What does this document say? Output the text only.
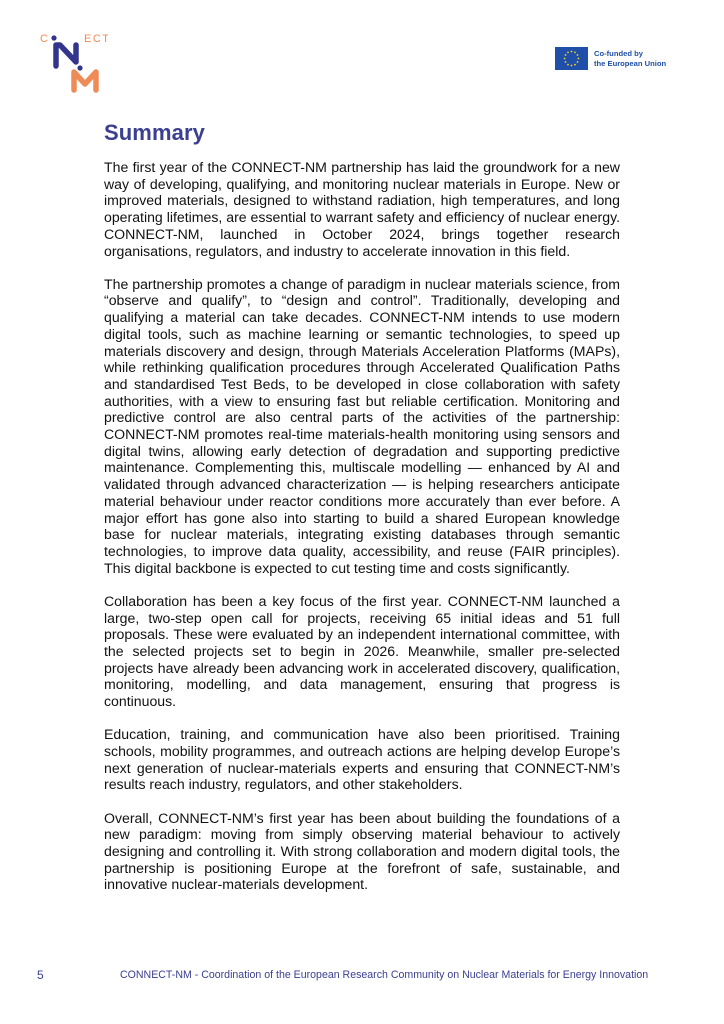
C	ECT
Co-funded by
the European Union
Summary

The first year of the CONNECT-NM partnership has laid the groundwork for a new way of developing, qualifying, and monitoring nuclear materials in Europe. New or improved materials, designed to withstand radiation, high temperatures, and long operating lifetimes, are essential to warrant safety and efficiency of nuclear energy. CONNECT-NM, launched in October 2024, brings together research organisations, regulators, and industry to accelerate innovation in this field.

The partnership promotes a change of paradigm in nuclear materials science, from “observe and qualify”, to “design and control”. Traditionally, developing and qualifying a material can take decades. CONNECT-NM intends to use modern digital tools, such as machine learning or semantic technologies, to speed up materials discovery and design, through Materials Acceleration Platforms (MAPs), while rethinking qualification procedures through Accelerated Qualification Paths and standardised Test Beds, to be developed in close collaboration with safety authorities, with a view to ensuring fast but reliable certification. Monitoring and predictive control are also central parts of the activities of the partnership: CONNECT-NM promotes real-time materials-health monitoring using sensors and digital twins, allowing early detection of degradation and supporting predictive maintenance. Complementing this, multiscale modelling — enhanced by AI and validated through advanced characterization — is helping researchers anticipate material behaviour under reactor conditions more accurately than ever before. A major effort has gone also into starting to build a shared European knowledge base for nuclear materials, integrating existing databases through semantic technologies, to improve data quality, accessibility, and reuse (FAIR principles). This digital backbone is expected to cut testing time and costs significantly.

Collaboration has been a key focus of the first year. CONNECT-NM launched a large, two-step open call for projects, receiving 65 initial ideas and 51 full proposals. These were evaluated by an independent international committee, with the selected projects set to begin in 2026. Meanwhile, smaller pre-selected projects have already been advancing work in accelerated discovery, qualification, monitoring, modelling, and data management, ensuring that progress is continuous.

Education, training, and communication have also been prioritised. Training schools, mobility programmes, and outreach actions are helping develop Europe’s next generation of nuclear-materials experts and ensuring that CONNECT-NM’s results reach industry, regulators, and other stakeholders.

Overall, CONNECT-NM’s first year has been about building the foundations of a new paradigm: moving from simply observing material behaviour to actively designing and controlling it. With strong collaboration and modern digital tools, the partnership is positioning Europe at the forefront of safe, sustainable, and innovative nuclear-materials development.

5	CONNECT-NM - Coordination of the European Research Community on Nuclear Materials for Energy Innovation
